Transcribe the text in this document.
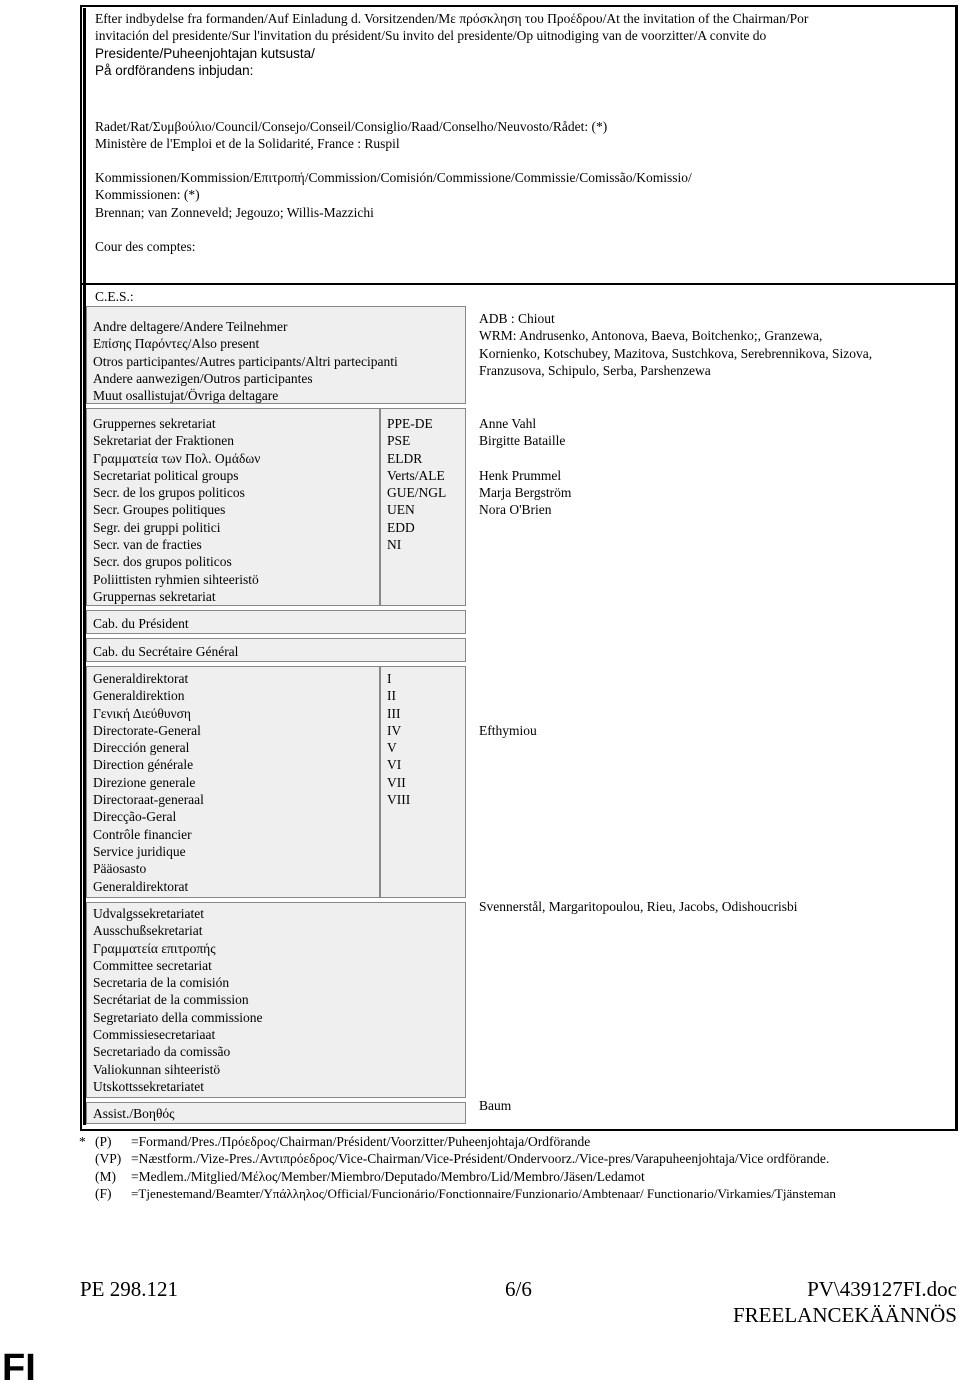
Efter indbydelse fra formanden/Auf Einladung d. Vorsitzenden/Με πρόσκληση του Προέδρου/At the invitation of the Chairman/Por
invitación del presidente/Sur l'invitation du président/Su invito del presidente/Op uitnodiging van de voorzitter/A convite do
Presidente/Puheenjohtajan kutsusta/
På ordförandens inbjudan:
Radet/Rat/Συμβούλιο/Council/Consejo/Conseil/Consiglio/Raad/Conselho/Neuvosto/Rådet: (*)
Ministère de l'Emploi et de la Solidarité, France : Ruspil
Kommissionen/Kommission/Επιτροπή/Commission/Comisión/Commissione/Commissie/Comissão/Komissio/
Kommissionen: (*)
Brennan; van Zonneveld; Jegouzo; Willis-Mazzichi
Cour des comptes:
C.E.S.:
Andre deltagere/Andere Teilnehmer
Επίσης Παρόντες/Also present
Otros participantes/Autres participants/Altri partecipanti
Andere aanwezigen/Outros participantes
Muut osallistujat/Övriga deltagare
ADB : Chiout
WRM: Andrusenko, Antonova, Baeva, Boitchenko;, Granzewa,
Kornienko, Kotschubey, Mazitova, Sustchkova, Serebrennikova, Sizova,
Franzusova, Schipulo, Serba, Parshenzewa
Gruppernes sekretariat
Sekretariat der Fraktionen
Γραμματεία των Πολ. Ομάδων
Secretariat political groups
Secr. de los grupos politicos
Secr. Groupes politiques
Segr. dei gruppi politici
Secr. van de fracties
Secr. dos grupos politicos
Poliittisten ryhmien sihteeristö
Gruppernas sekretariat
PPE-DE
PSE
ELDR
Verts/ALE
GUE/NGL
UEN
EDD
NI
Anne Vahl
Birgitte Bataille
Henk Prummel
Marja Bergström
Nora O'Brien
Cab. du Président
Cab. du Secrétaire Général
Generaldirektorat
Generaldirektion
Γενική Διεύθυνση
Directorate-General
Dirección general
Direction générale
Direzione generale
Directoraat-generaal
Direcção-Geral
Contrôle financier
Service juridique
Pääosasto
Generaldirektorat
I
II
III
IV
V
VI
VII
VIII
Efthymiou
Udvalgssekretariatet
Ausschußsekretariat
Γραμματεία επιτροπής
Committee secretariat
Secretaria de la comisión
Secrétariat de la commission
Segretariato della commissione
Commissiesecretariaat
Secretariado da comissão
Valiokunnan sihteeristö
Utskottssekretariatet
Svennerstål, Margaritopoulou, Rieu, Jacobs, Odishoucrisbi
Assist./Βοηθός
Baum
* (P) =Formand/Pres./Πρόεδρος/Chairman/Président/Voorzitter/Puheenjohtaja/Ordförande
(VP) =Næstform./Vize-Pres./Αντιπρόεδρος/Vice-Chairman/Vice-Président/Ondervoorz./Vice-pres/Varapuheenjohtaja/Vice ordförande.
(M) =Medlem./Mitglied/Μέλος/Member/Miembro/Deputado/Membro/Lid/Membro/Jäsen/Ledamot
(F) =Tjenestemand/Beamter/Υπάλληλος/Official/Funcionário/Fonctionnaire/Funzionario/Ambtenaar/ Functionario/Virkamies/Tjänsteman
PE 298.121	6/6	PV\439127FI.doc
FREELANCEKÄÄNNÖS
FI
